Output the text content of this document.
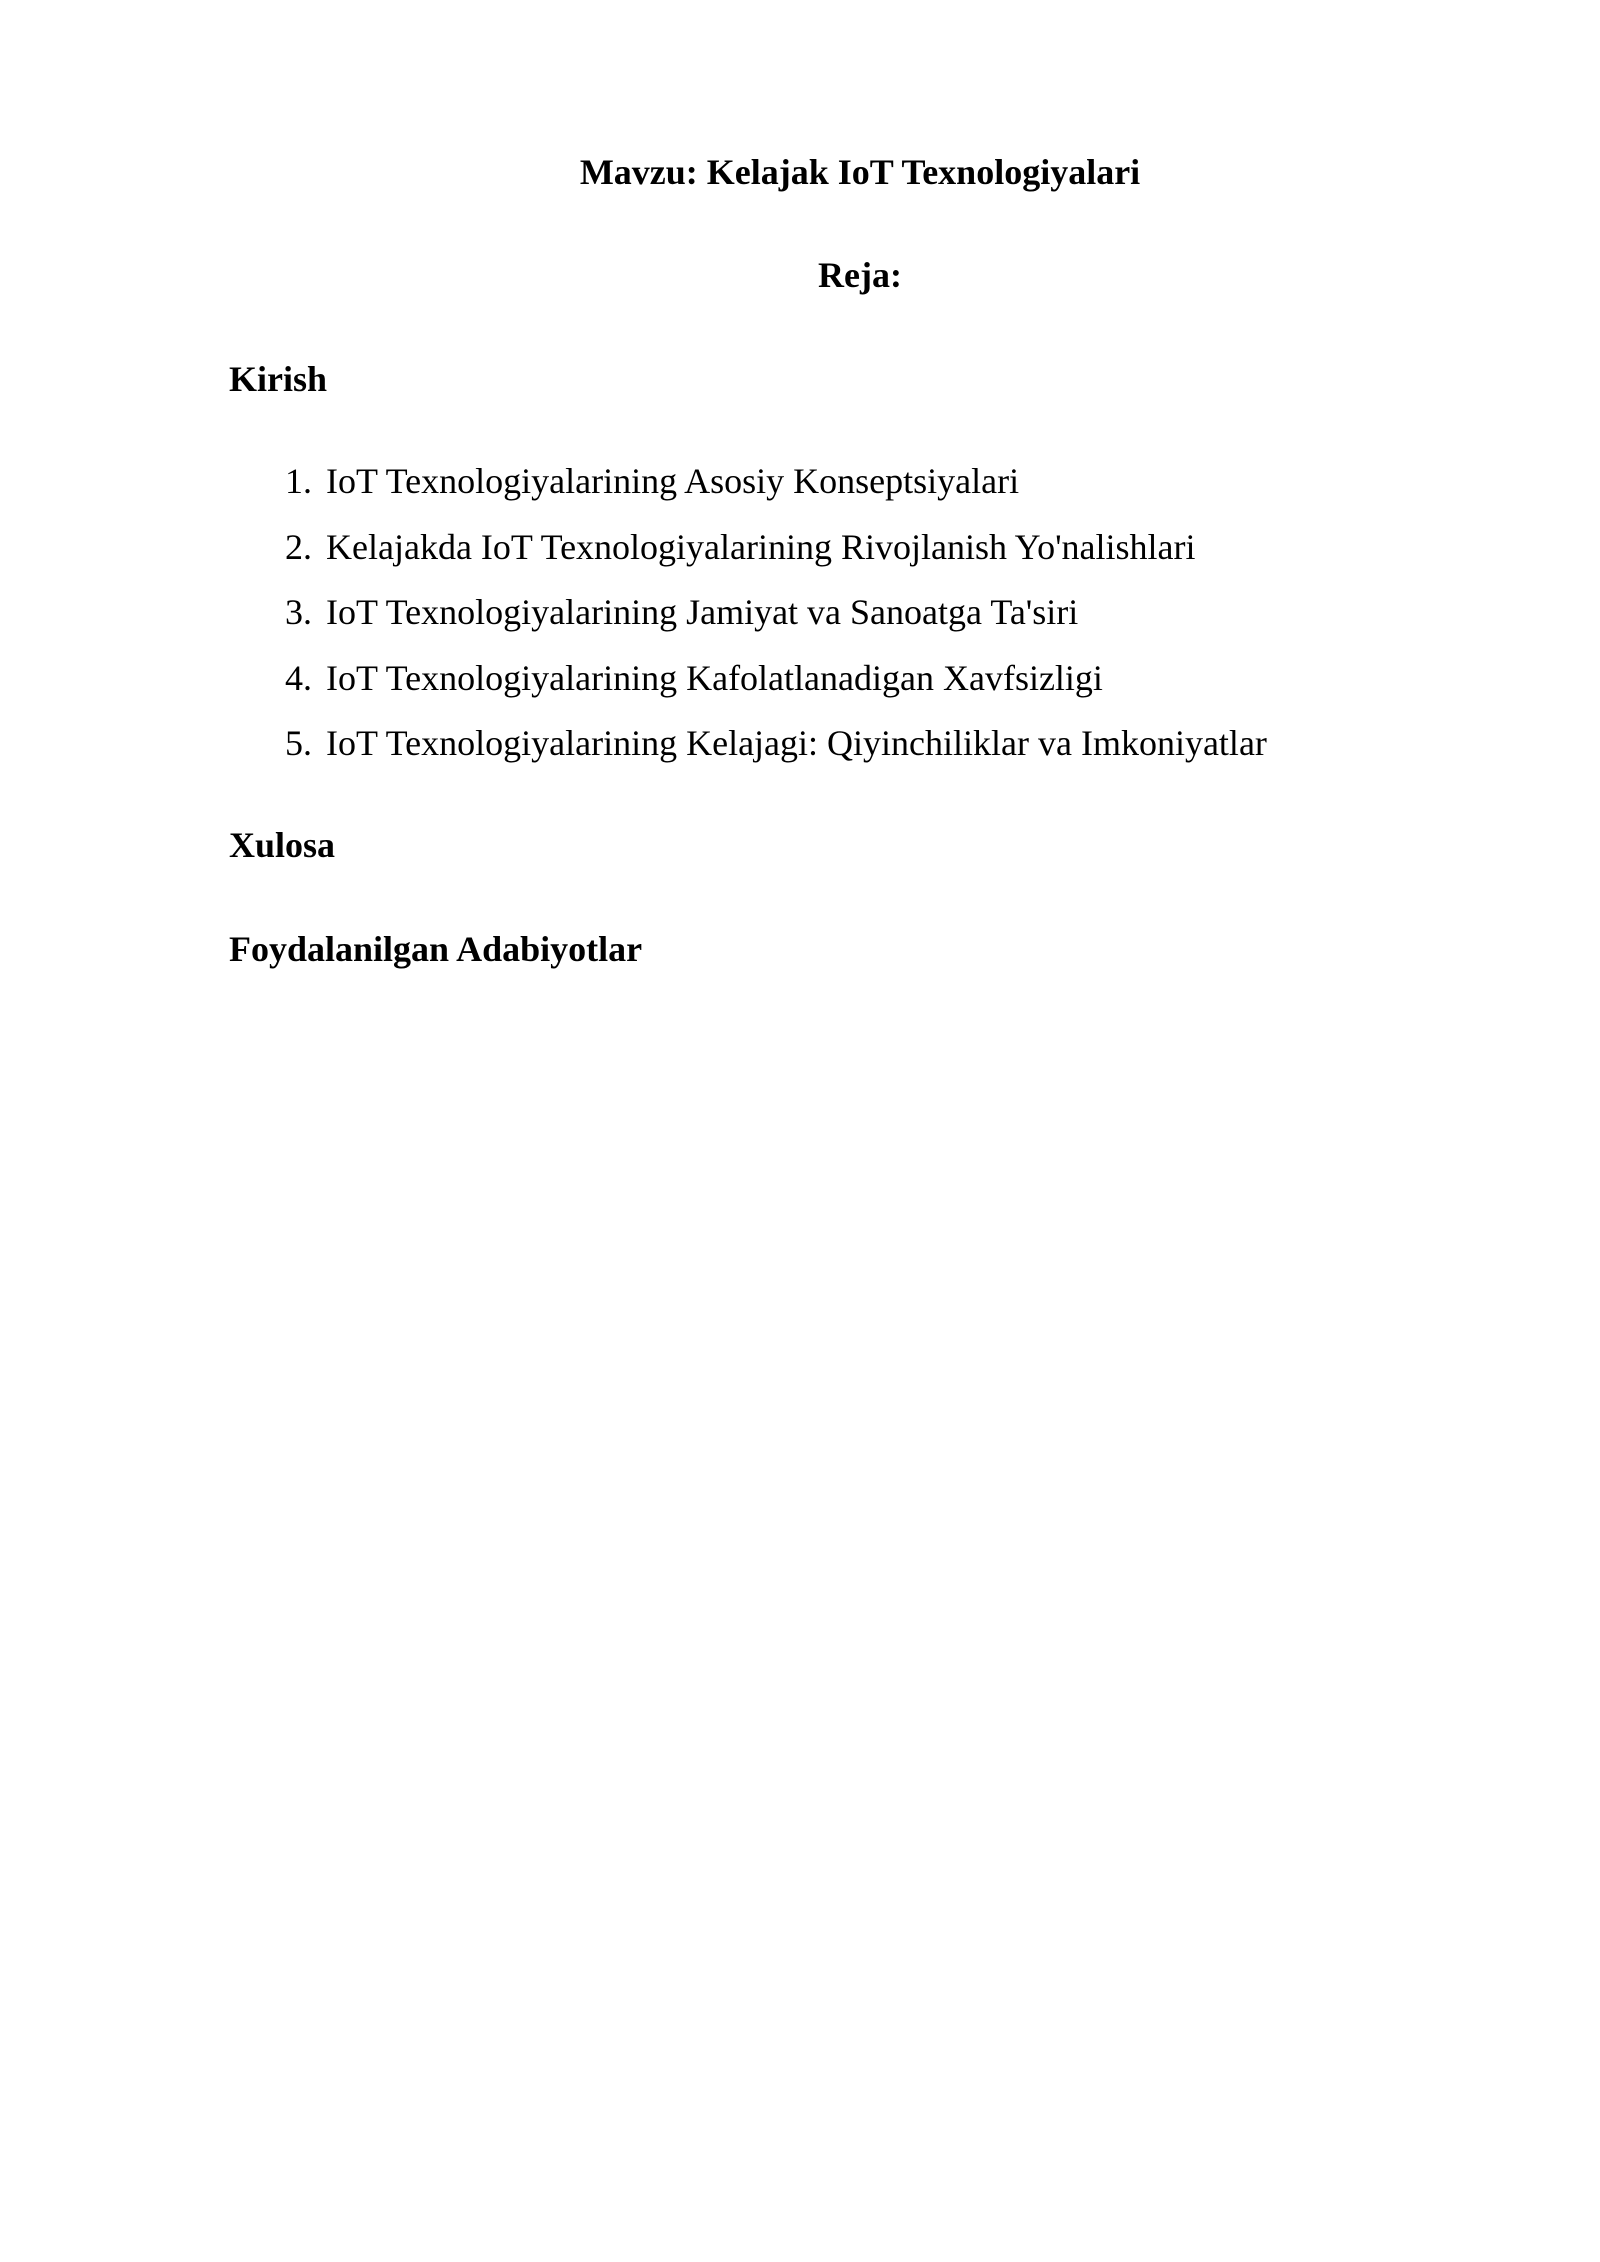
Mavzu: Kelajak IoT Texnologiyalari
Reja:
Kirish
1. IoT Texnologiyalarining Asosiy Konseptsiyalari
2. Kelajakda IoT Texnologiyalarining Rivojlanish Yo'nalishlari
3. IoT Texnologiyalarining Jamiyat va Sanoatga Ta'siri
4. IoT Texnologiyalarining Kafolatlanadigan Xavfsizligi
5. IoT Texnologiyalarining Kelajagi: Qiyinchiliklar va Imkoniyatlar
Xulosa
Foydalanilgan Adabiyotlar
